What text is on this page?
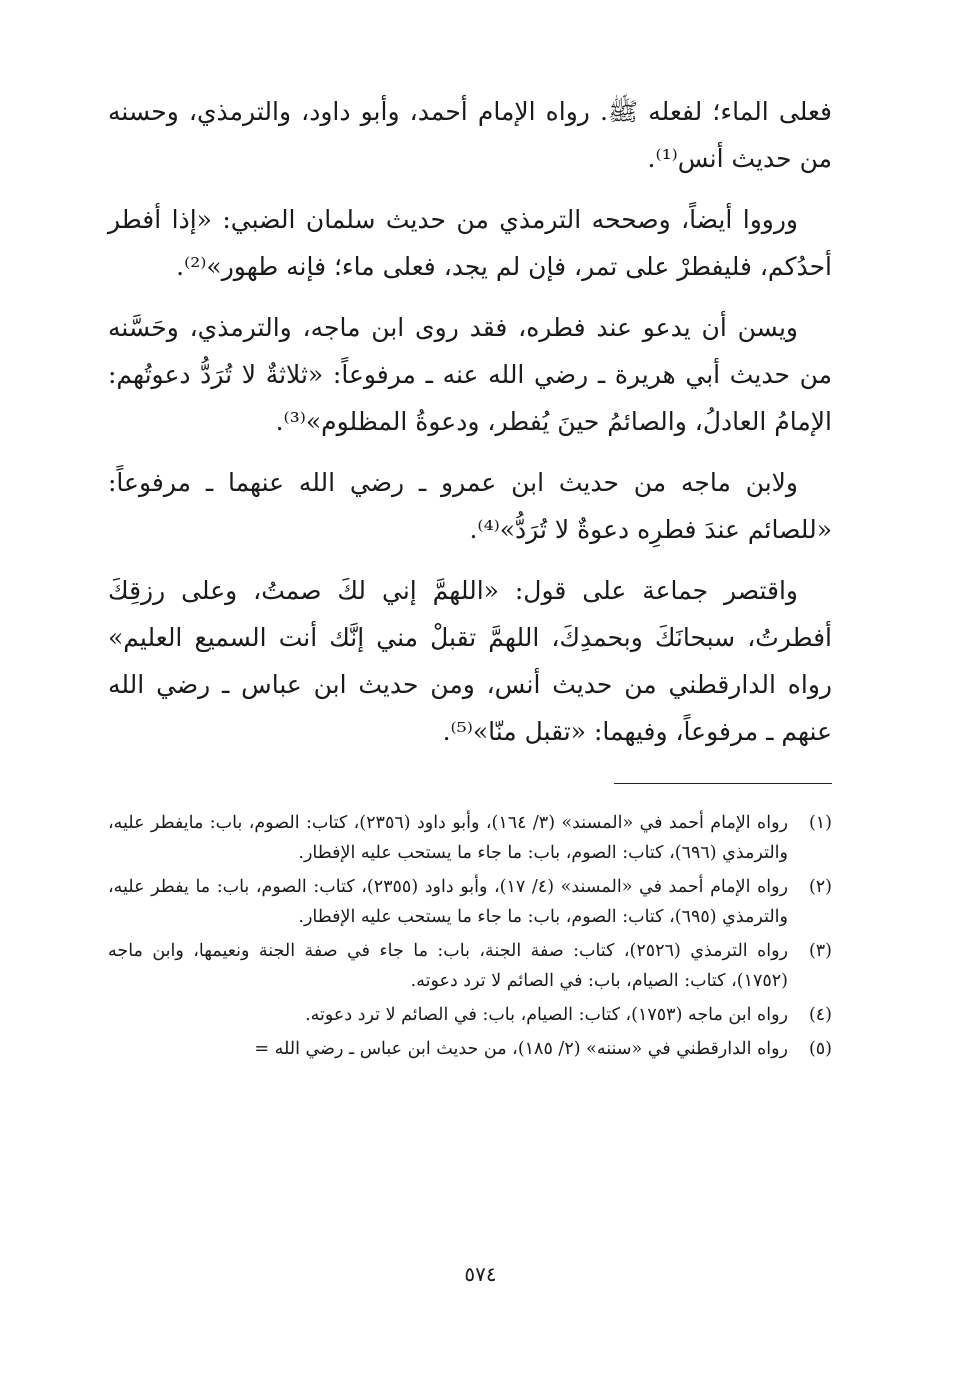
فعلى الماء؛ لفعله ﷺ. رواه الإمام أحمد، وأبو داود، والترمذي، وحسنه من حديث أنس⁽¹⁾.

ورووا أيضاً، وصححه الترمذي من حديث سلمان الضبي: «إذا أفطر أحدُكم، فليفطرْ على تمر، فإن لم يجد، فعلى ماء؛ فإنه طهور»⁽²⁾.

ويسن أن يدعو عند فطره، فقد روى ابن ماجه، والترمذي، وحَسَّنه من حديث أبي هريرة ـ رضي الله عنه ـ مرفوعاً: «ثلاثةٌ لا تُرَدُّ دعوتُهم: الإمامُ العادلُ، والصائمُ حينَ يُفطر، ودعوةُ المظلوم»⁽³⁾.

ولابن ماجه من حديث ابن عمرو ـ رضي الله عنهما ـ مرفوعاً: «للصائم عندَ فطرِه دعوةٌ لا تُرَدُّ»⁽⁴⁾.

واقتصر جماعة على قول: «اللهمَّ إني لكَ صمتُ، وعلى رزقِكَ أفطرتُ، سبحانَكَ وبحمدِكَ، اللهمَّ تقبلْ مني إنَّك أنت السميع العليم» رواه الدارقطني من حديث أنس، ومن حديث ابن عباس ـ رضي الله عنهم ـ مرفوعاً، وفيهما: «تقبل منّا»⁽⁵⁾.

(١)
رواه الإمام أحمد في «المسند» (٣/ ١٦٤)، وأبو داود (٢٣٥٦)، كتاب: الصوم، باب: مايفطر عليه، والترمذي (٦٩٦)، كتاب: الصوم، باب: ما جاء ما يستحب عليه الإفطار.
(٢)
رواه الإمام أحمد في «المسند» (٤/ ١٧)، وأبو داود (٢٣٥٥)، كتاب: الصوم، باب: ما يفطر عليه، والترمذي (٦٩٥)، كتاب: الصوم، باب: ما جاء ما يستحب عليه الإفطار.
(٣)
رواه الترمذي (٢٥٢٦)، كتاب: صفة الجنة، باب: ما جاء في صفة الجنة ونعيمها، وابن ماجه (١٧٥٢)، كتاب: الصيام، باب: في الصائم لا ترد دعوته.
(٤)
رواه ابن ماجه (١٧٥٣)، كتاب: الصيام، باب: في الصائم لا ترد دعوته.
(٥)
رواه الدارقطني في «سننه» (٢/ ١٨٥)، من حديث ابن عباس ـ رضي الله =
٥٧٤
